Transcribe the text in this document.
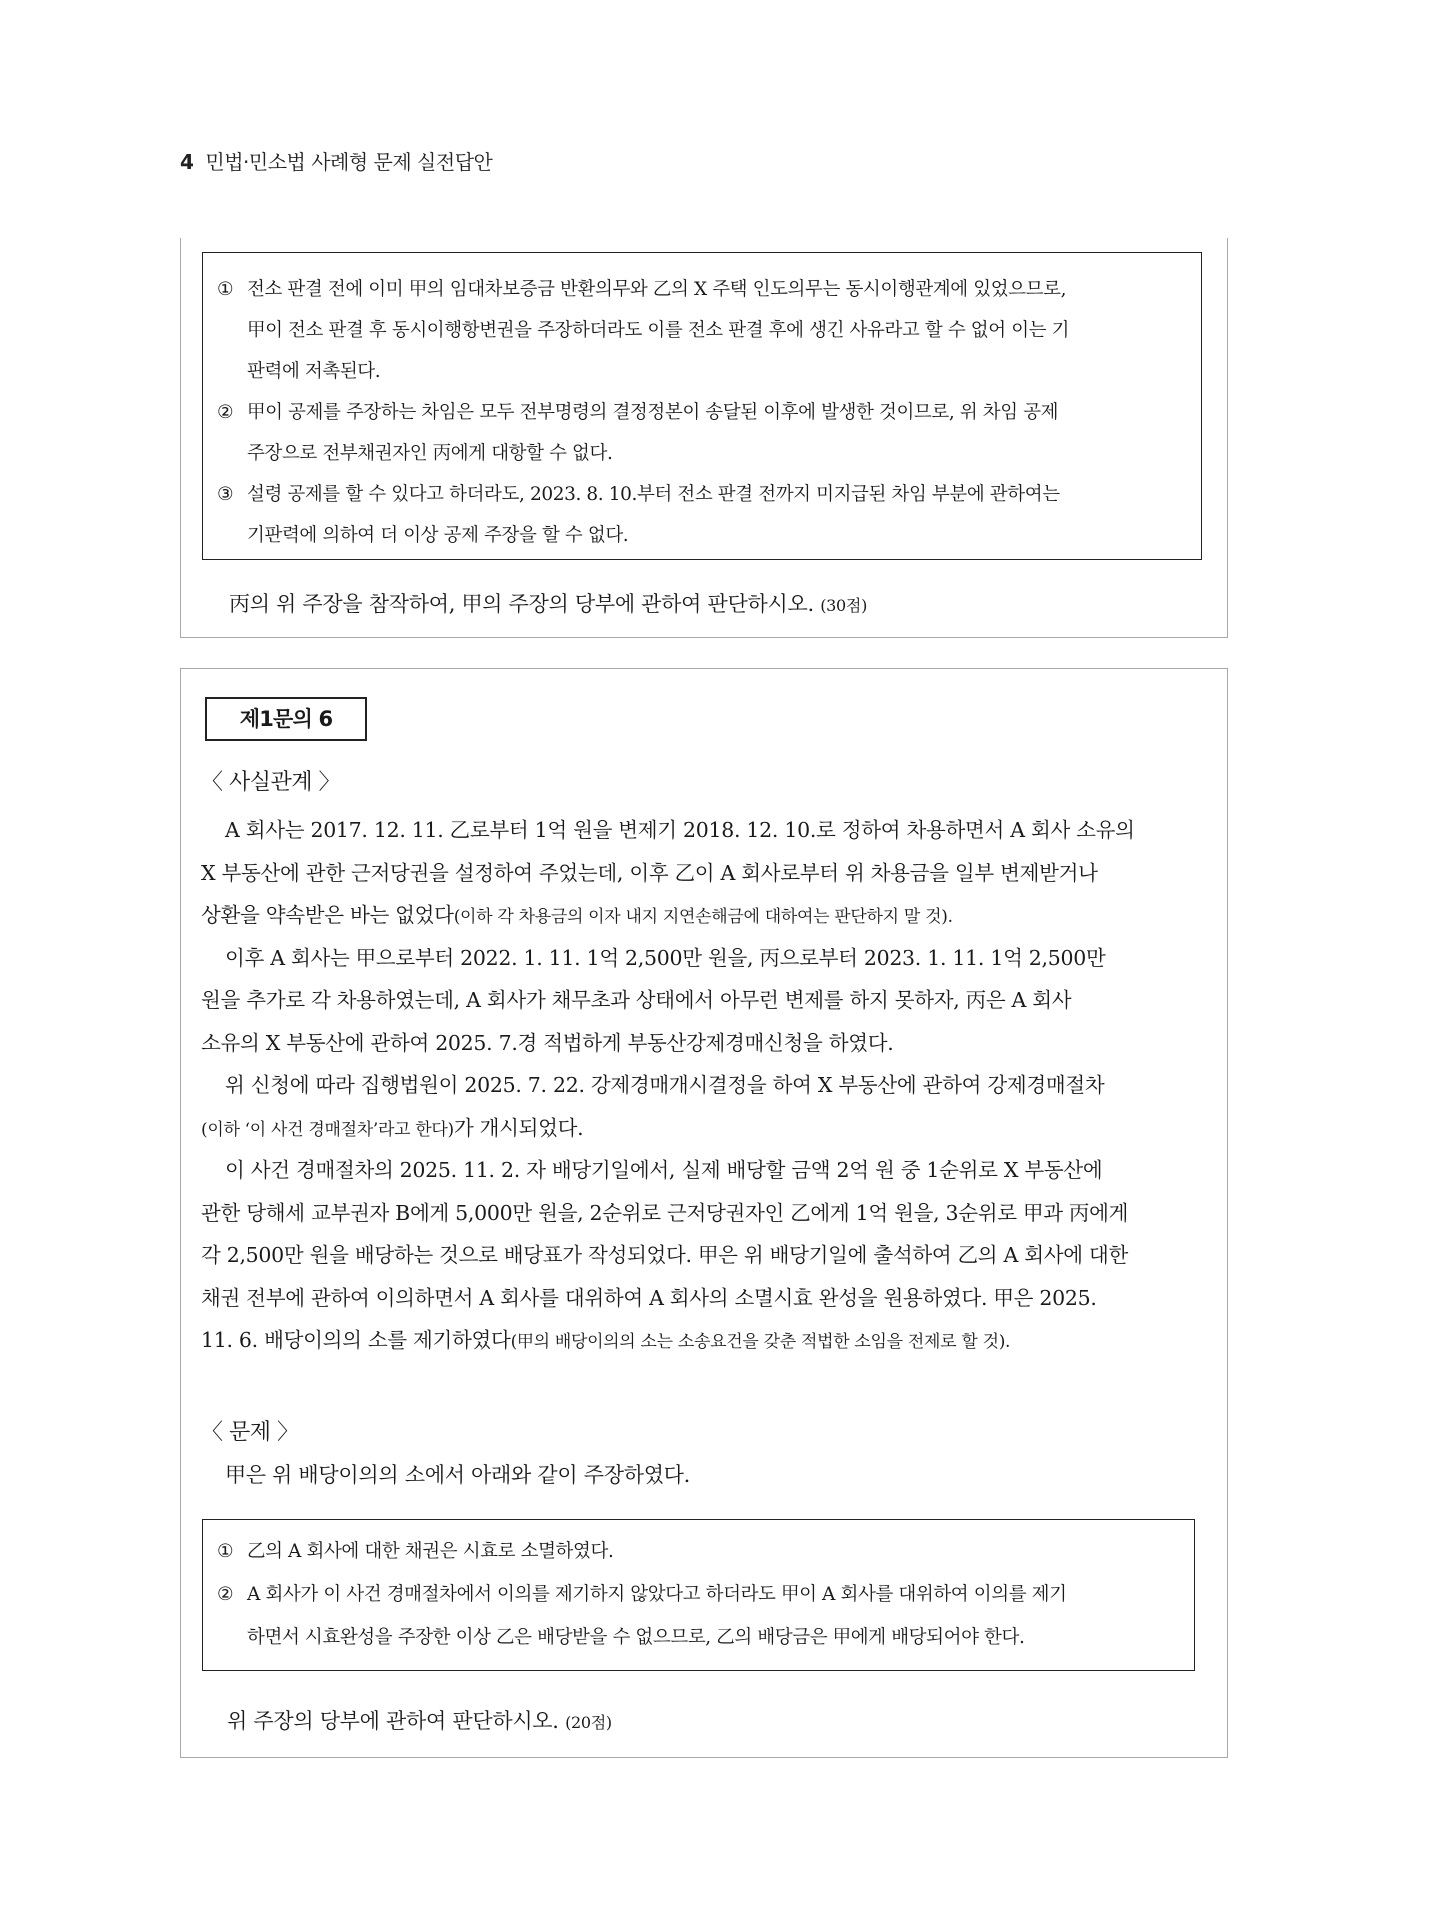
4 민법·민소법 사례형 문제 실전답안
① 전소 판결 전에 이미 甲의 임대차보증금 반환의무와 乙의 X 주택 인도의무는 동시이행관계에 있었으므로,
甲이 전소 판결 후 동시이행항변권을 주장하더라도 이를 전소 판결 후에 생긴 사유라고 할 수 없어 이는 기
판력에 저촉된다.
② 甲이 공제를 주장하는 차임은 모두 전부명령의 결정정본이 송달된 이후에 발생한 것이므로, 위 차임 공제
주장으로 전부채권자인 丙에게 대항할 수 없다.
③ 설령 공제를 할 수 있다고 하더라도, 2023. 8. 10.부터 전소 판결 전까지 미지급된 차임 부분에 관하여는
기판력에 의하여 더 이상 공제 주장을 할 수 없다.
丙의 위 주장을 참작하여, 甲의 주장의 당부에 관하여 판단하시오. (30점)
제1문의 6
〈 사실관계 〉
A 회사는 2017. 12. 11. 乙로부터 1억 원을 변제기 2018. 12. 10.로 정하여 차용하면서 A 회사 소유의
X 부동산에 관한 근저당권을 설정하여 주었는데, 이후 乙이 A 회사로부터 위 차용금을 일부 변제받거나
상환을 약속받은 바는 없었다(이하 각 차용금의 이자 내지 지연손해금에 대하여는 판단하지 말 것).
이후 A 회사는 甲으로부터 2022. 1. 11. 1억 2,500만 원을, 丙으로부터 2023. 1. 11. 1억 2,500만
원을 추가로 각 차용하였는데, A 회사가 채무초과 상태에서 아무런 변제를 하지 못하자, 丙은 A 회사
소유의 X 부동산에 관하여 2025. 7.경 적법하게 부동산강제경매신청을 하였다.
위 신청에 따라 집행법원이 2025. 7. 22. 강제경매개시결정을 하여 X 부동산에 관하여 강제경매절차
(이하 ‘이 사건 경매절차’라고 한다)가 개시되었다.
이 사건 경매절차의 2025. 11. 2. 자 배당기일에서, 실제 배당할 금액 2억 원 중 1순위로 X 부동산에
관한 당해세 교부권자 B에게 5,000만 원을, 2순위로 근저당권자인 乙에게 1억 원을, 3순위로 甲과 丙에게
각 2,500만 원을 배당하는 것으로 배당표가 작성되었다. 甲은 위 배당기일에 출석하여 乙의 A 회사에 대한
채권 전부에 관하여 이의하면서 A 회사를 대위하여 A 회사의 소멸시효 완성을 원용하였다. 甲은 2025.
11. 6. 배당이의의 소를 제기하였다(甲의 배당이의의 소는 소송요건을 갖춘 적법한 소임을 전제로 할 것).
〈 문제 〉
甲은 위 배당이의의 소에서 아래와 같이 주장하였다.
① 乙의 A 회사에 대한 채권은 시효로 소멸하였다.
② A 회사가 이 사건 경매절차에서 이의를 제기하지 않았다고 하더라도 甲이 A 회사를 대위하여 이의를 제기
하면서 시효완성을 주장한 이상 乙은 배당받을 수 없으므로, 乙의 배당금은 甲에게 배당되어야 한다.
위 주장의 당부에 관하여 판단하시오. (20점)
